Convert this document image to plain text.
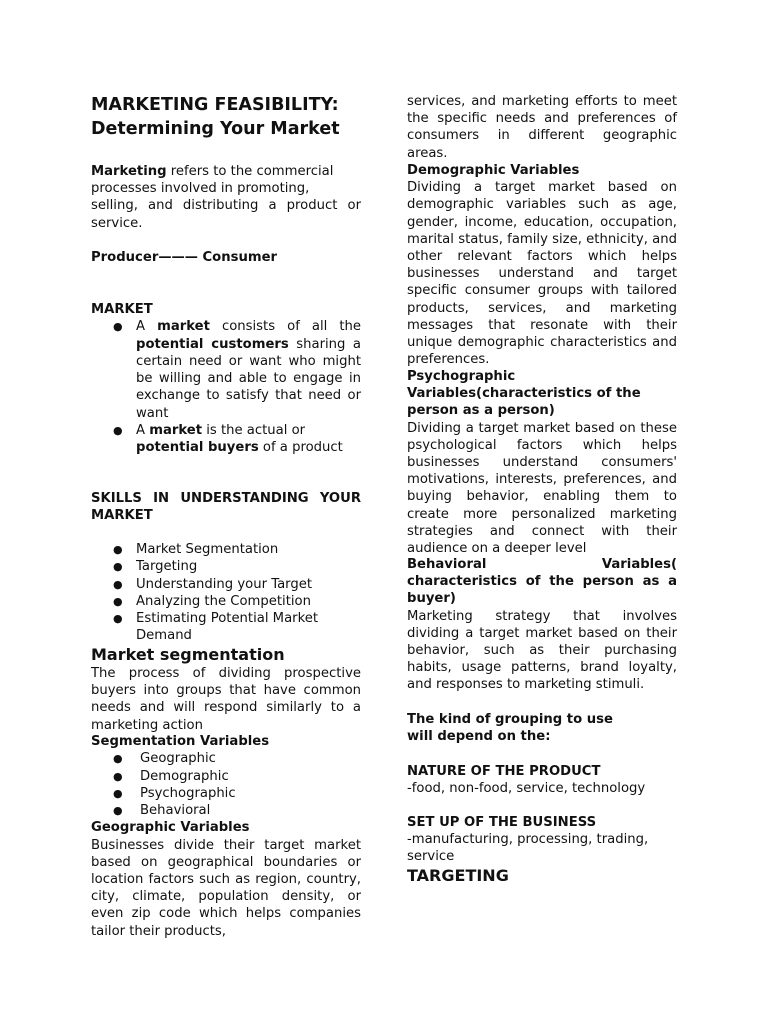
MARKETING FEASIBILITY:
Determining Your Market

Marketing refers to the commercial processes involved in promoting,

selling, and distributing a product or service.

Producer——— Consumer
MARKET
● A market consists of all the potential customers sharing a certain need or want who might be willing and able to engage in exchange to satisfy that need or want
● A market is the actual or potential buyers of a product
SKILLS IN UNDERSTANDING YOUR
MARKET
● Market Segmentation
● Targeting
● Understanding your Target
● Analyzing the Competition
● Estimating Potential Market Demand
Market segmentation

The process of dividing prospective buyers into groups that have common needs and will respond similarly to a marketing action

Segmentation Variables
● Geographic
● Demographic
● Psychographic
● Behavioral
Geographic Variables

Businesses divide their target market based on geographical boundaries or location factors such as region, country, city, climate, population density, or even zip code which helps companies tailor their products,

services, and marketing efforts to meet the specific needs and preferences of consumers in different geographic areas.

Demographic Variables

Dividing a target market based on demographic variables such as age, gender, income, education, occupation, marital status, family size, ethnicity, and other relevant factors which helps businesses understand and target specific consumer groups with tailored products, services, and marketing messages that resonate with their unique demographic characteristics and preferences.

Psychographic
Variables(characteristics of the person as a person)

Dividing a target market based on these psychological factors which helps businesses understand consumers' motivations, interests, preferences, and buying behavior, enabling them to create more personalized marketing strategies and connect with their audience on a deeper level

Behavioral Variables( characteristics of the person as a buyer)

Marketing strategy that involves dividing a target market based on their behavior, such as their purchasing habits, usage patterns, brand loyalty, and responses to marketing stimuli.

The kind of grouping to use will depend on the:
NATURE OF THE PRODUCT

-food, non-food, service, technology

SET UP OF THE BUSINESS

-manufacturing, processing, trading, service

TARGETING
